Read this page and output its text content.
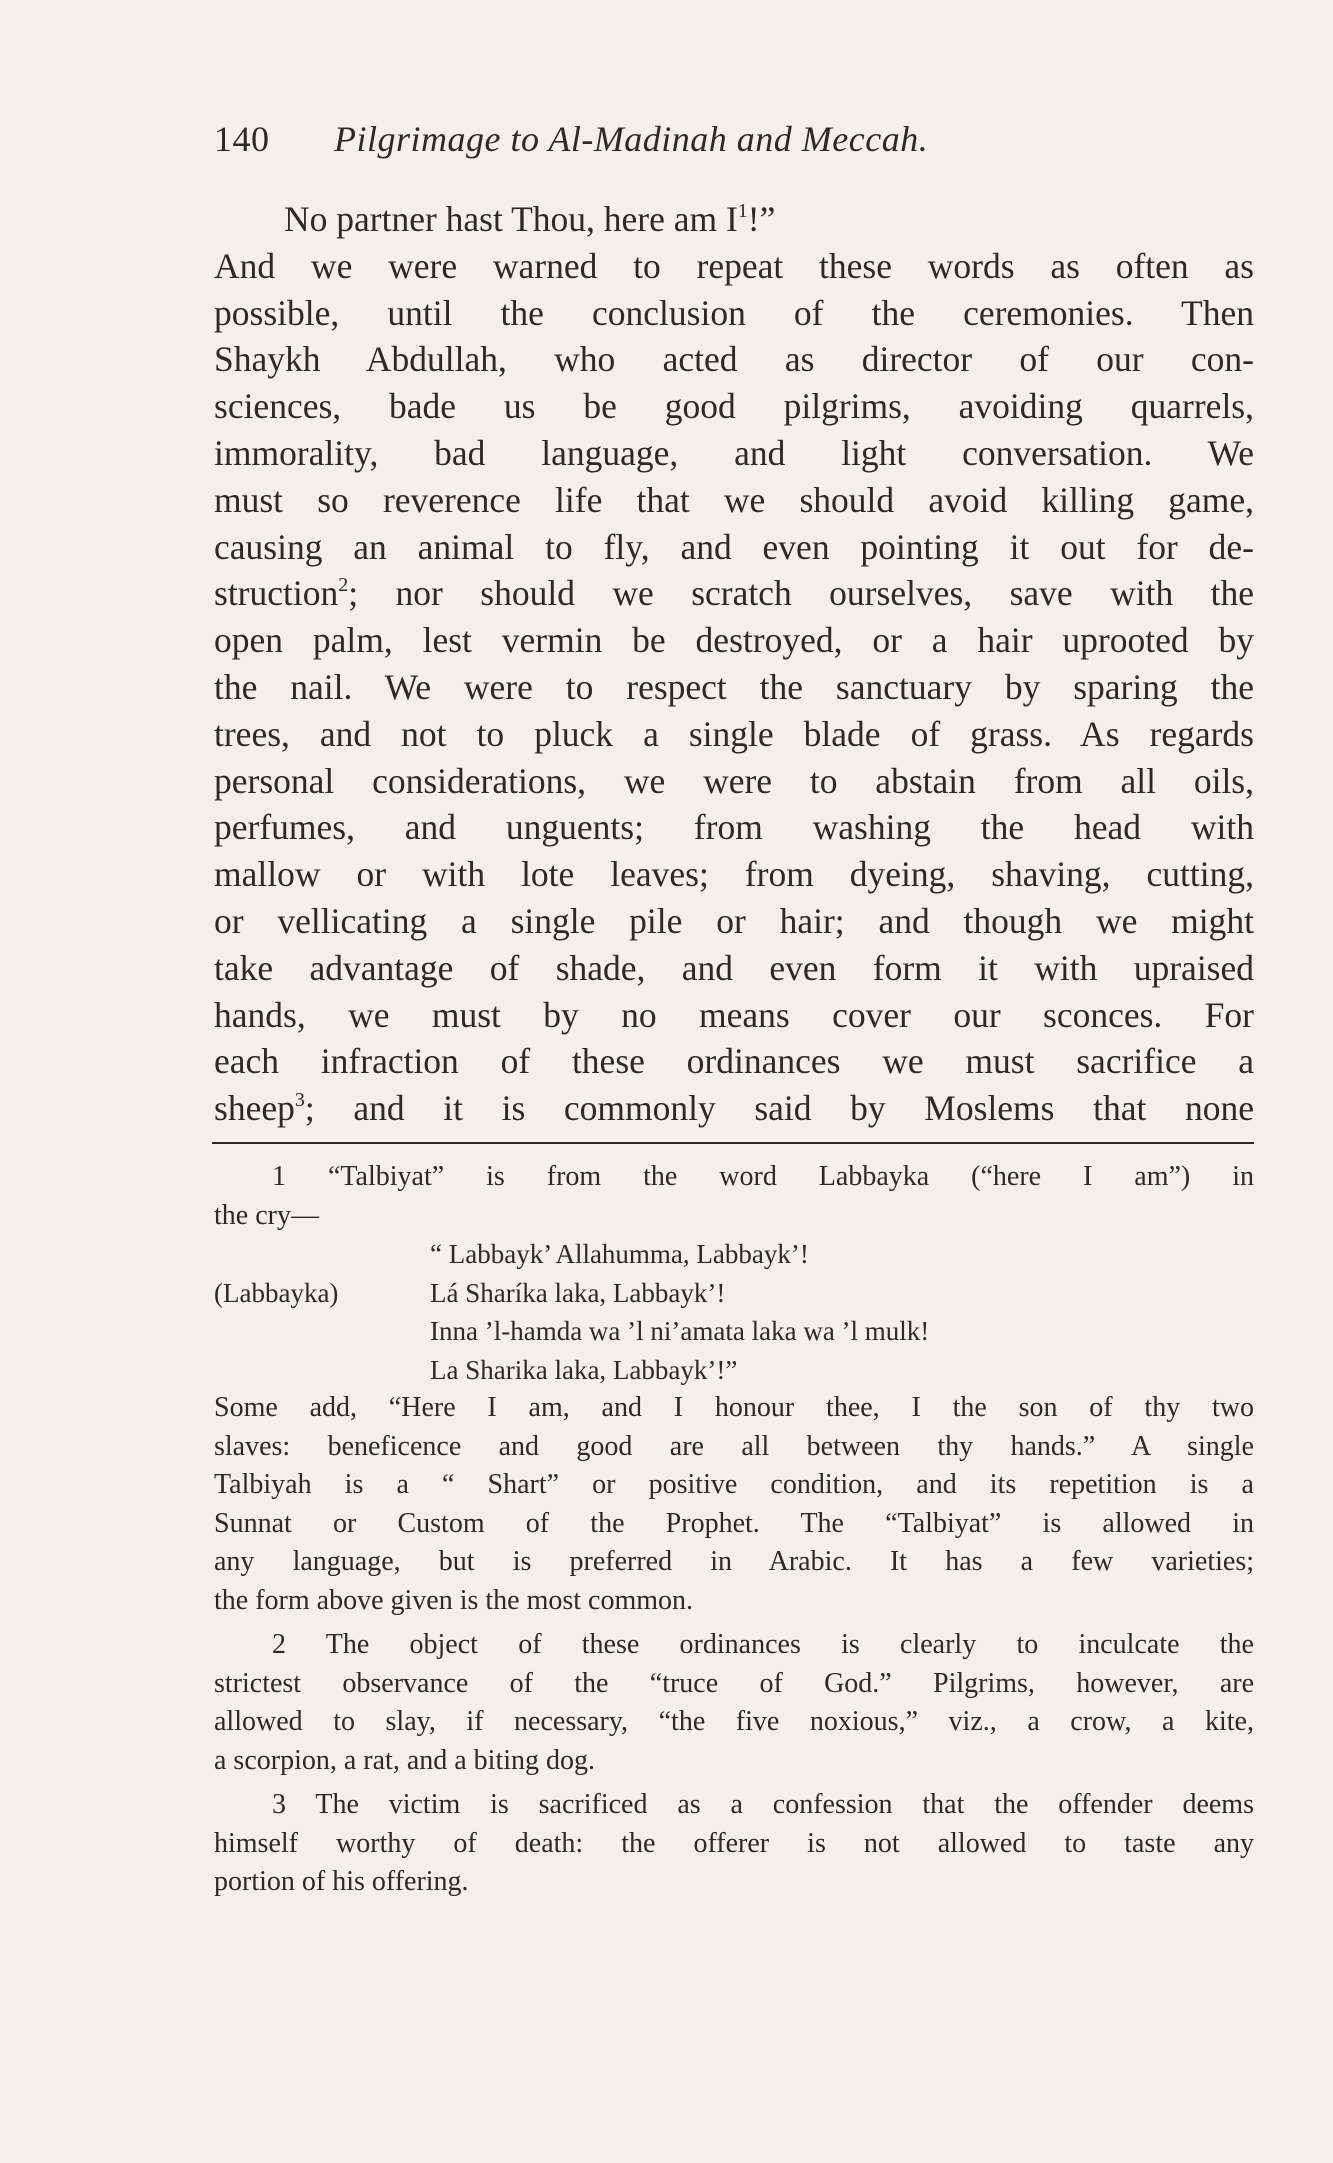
140 Pilgrimage to Al-Madinah and Meccah.
No partner hast Thou, here am $I^1$!”
And we were warned to repeat these words as often as
possible, until the conclusion of the ceremonies. Then
Shaykh Abdullah, who acted as director of our con-
sciences, bade us be good pilgrims, avoiding quarrels,
immorality, bad language, and light conversation. We
must so reverence life that we should avoid killing game,
causing an animal to fly, and even pointing it out for de-
struction$^2$; nor should we scratch ourselves, save with the
open palm, lest vermin be destroyed, or a hair uprooted by
the nail. We were to respect the sanctuary by sparing the
trees, and not to pluck a single blade of grass. As regards
personal considerations, we were to abstain from all oils,
perfumes, and unguents; from washing the head with
mallow or with lote leaves; from dyeing, shaving, cutting,
or vellicating a single pile or hair; and though we might
take advantage of shade, and even form it with upraised
hands, we must by no means cover our sconces. For
each infraction of these ordinances we must sacrifice a
sheep$^3$; and it is commonly said by Moslems that none
1 “Talbiyat” is from the word Labbayka (“here I am”) in
the cry—
“ Labbayk’ Allahumma, Labbayk’!
(Labbayka)	Lá Sharíka laka, Labbayk’!
Inna ’l-hamda wa ’l ni’amata laka wa ’l mulk!
La Sharika laka, Labbayk’!”
Some add, “Here I am, and I honour thee, I the son of thy two
slaves: beneficence and good are all between thy hands.” A single
Talbiyah is a “ Shart” or positive condition, and its repetition is a
Sunnat or Custom of the Prophet. The “Talbiyat” is allowed in
any language, but is preferred in Arabic. It has a few varieties;
the form above given is the most common.
2 The object of these ordinances is clearly to inculcate the
strictest observance of the “truce of God.” Pilgrims, however, are
allowed to slay, if necessary, “the five noxious,” viz., a crow, a kite,
a scorpion, a rat, and a biting dog.
3 The victim is sacrificed as a confession that the offender deems
himself worthy of death: the offerer is not allowed to taste any
portion of his offering.
